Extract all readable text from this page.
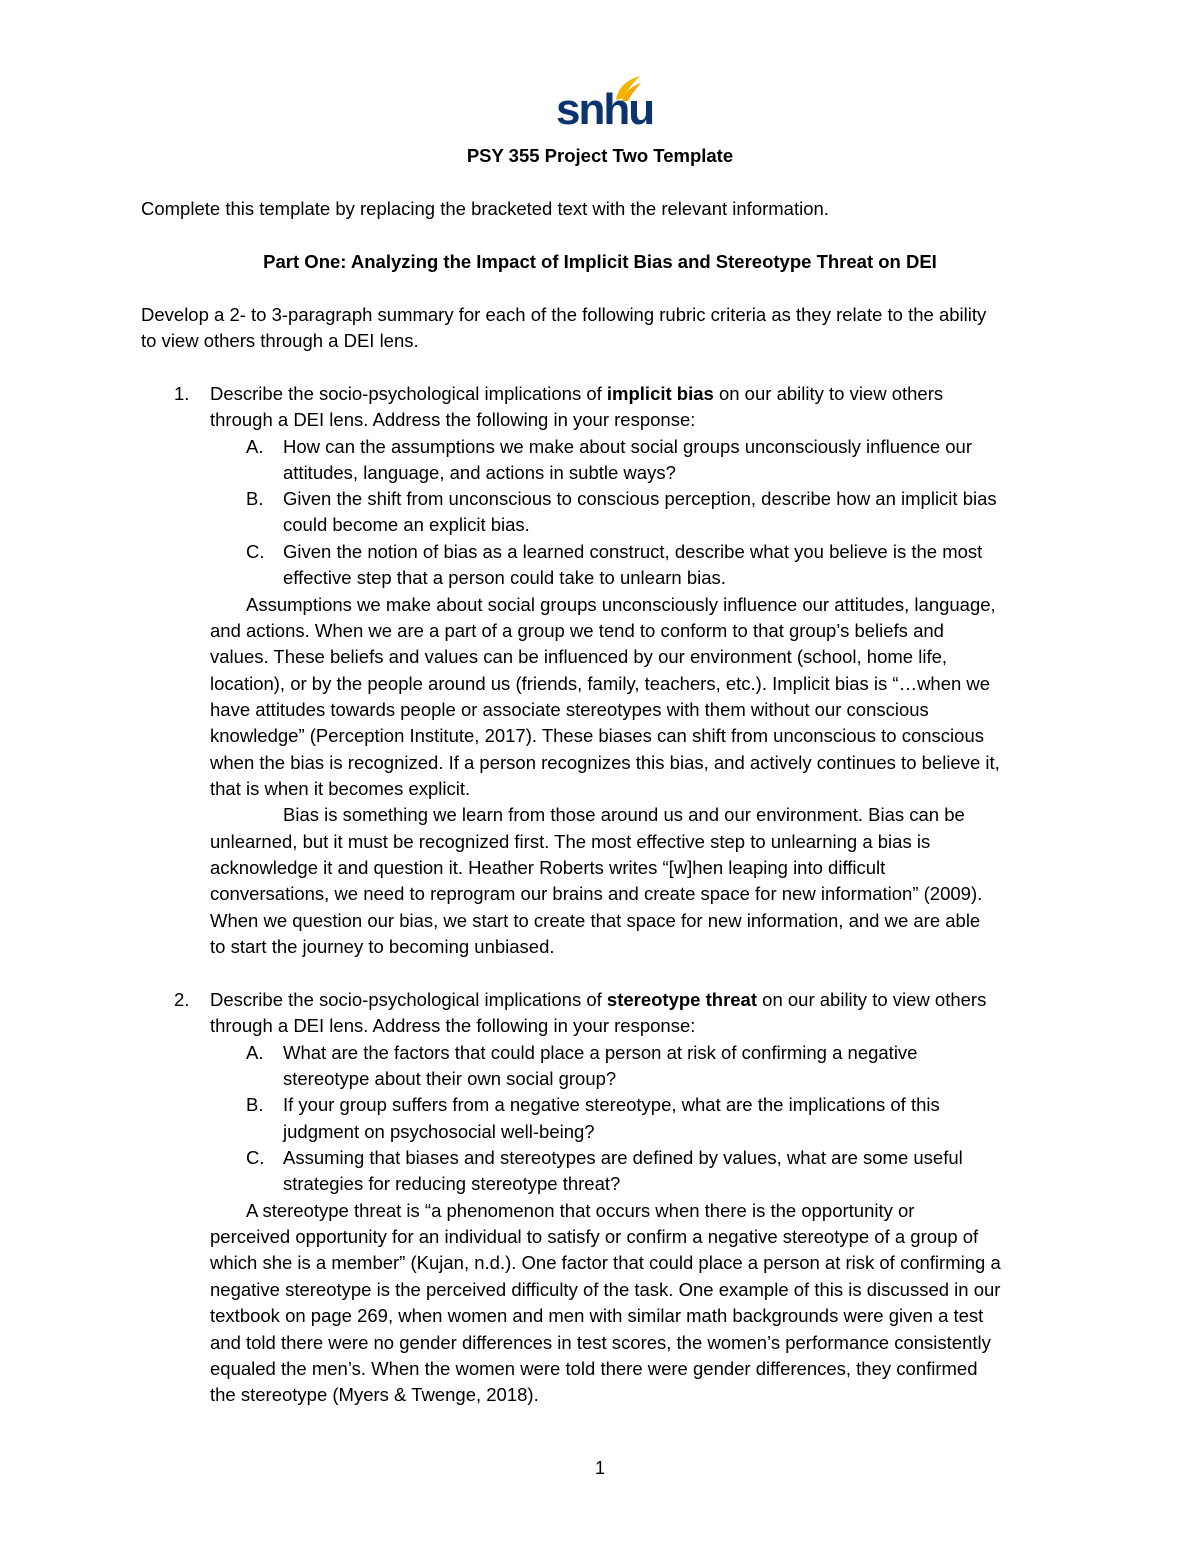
snhu
PSY 355 Project Two Template
Complete this template by replacing the bracketed text with the relevant information.
Part One: Analyzing the Impact of Implicit Bias and Stereotype Threat on DEI
Develop a 2- to 3-paragraph summary for each of the following rubric criteria as they relate to the ability
to view others through a DEI lens.
1. Describe the socio-psychological implications of implicit bias on our ability to view others
through a DEI lens. Address the following in your response:
A. How can the assumptions we make about social groups unconsciously influence our
attitudes, language, and actions in subtle ways?
B. Given the shift from unconscious to conscious perception, describe how an implicit bias
could become an explicit bias.
C. Given the notion of bias as a learned construct, describe what you believe is the most
effective step that a person could take to unlearn bias.
Assumptions we make about social groups unconsciously influence our attitudes, language,
and actions. When we are a part of a group we tend to conform to that group’s beliefs and
values. These beliefs and values can be influenced by our environment (school, home life,
location), or by the people around us (friends, family, teachers, etc.). Implicit bias is “…when we
have attitudes towards people or associate stereotypes with them without our conscious
knowledge” (Perception Institute, 2017). These biases can shift from unconscious to conscious
when the bias is recognized. If a person recognizes this bias, and actively continues to believe it,
that is when it becomes explicit.
Bias is something we learn from those around us and our environment. Bias can be
unlearned, but it must be recognized first. The most effective step to unlearning a bias is
acknowledge it and question it. Heather Roberts writes “[w]hen leaping into difficult
conversations, we need to reprogram our brains and create space for new information” (2009).
When we question our bias, we start to create that space for new information, and we are able
to start the journey to becoming unbiased.
2. Describe the socio-psychological implications of stereotype threat on our ability to view others
through a DEI lens. Address the following in your response:
A. What are the factors that could place a person at risk of confirming a negative
stereotype about their own social group?
B. If your group suffers from a negative stereotype, what are the implications of this
judgment on psychosocial well-being?
C. Assuming that biases and stereotypes are defined by values, what are some useful
strategies for reducing stereotype threat?
A stereotype threat is “a phenomenon that occurs when there is the opportunity or
perceived opportunity for an individual to satisfy or confirm a negative stereotype of a group of
which she is a member” (Kujan, n.d.). One factor that could place a person at risk of confirming a
negative stereotype is the perceived difficulty of the task. One example of this is discussed in our
textbook on page 269, when women and men with similar math backgrounds were given a test
and told there were no gender differences in test scores, the women’s performance consistently
equaled the men’s. When the women were told there were gender differences, they confirmed
the stereotype (Myers & Twenge, 2018).
1
